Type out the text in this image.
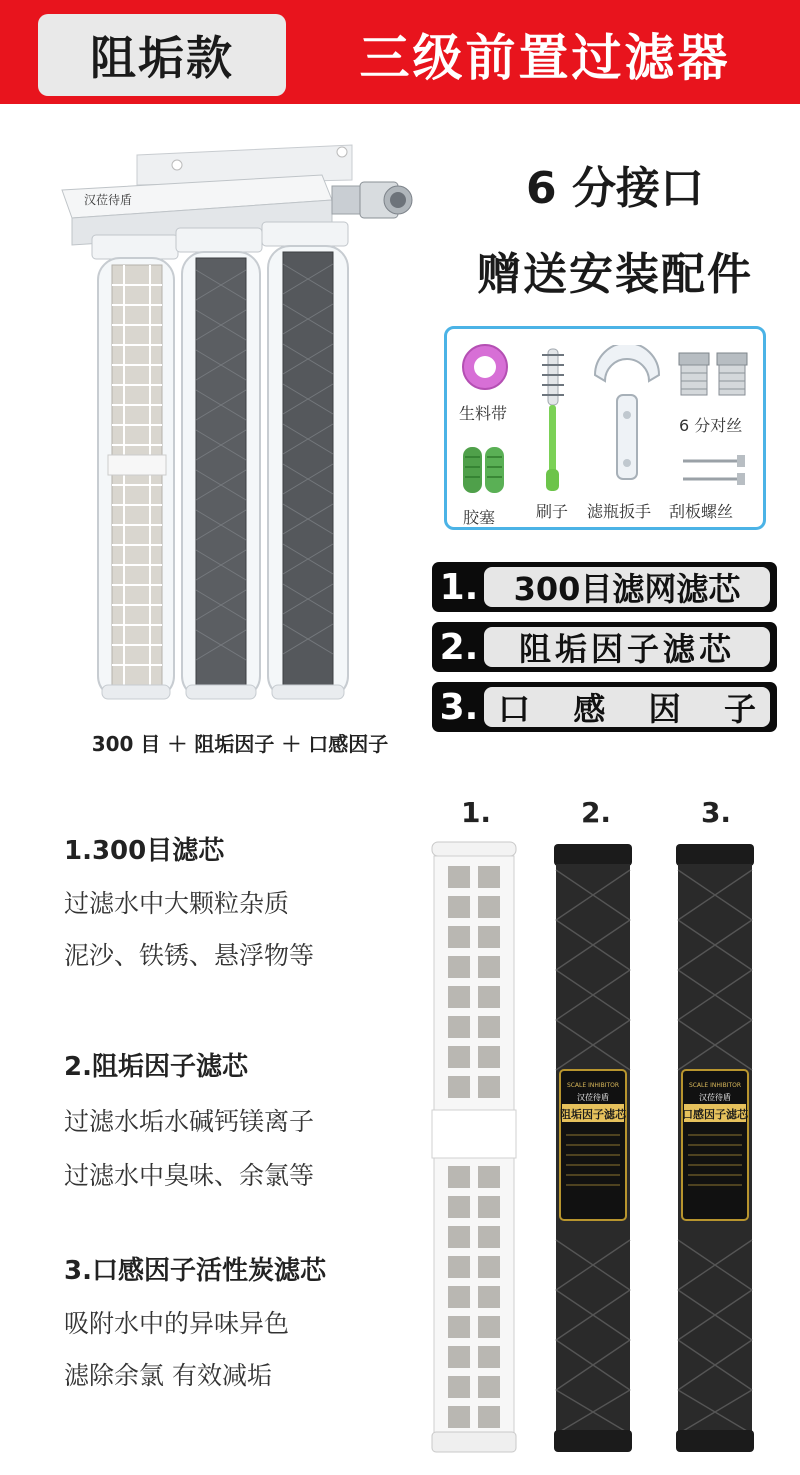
阻垢款	三级前置过滤器
汉莅待盾
300 目 ＋ 阻垢因子 ＋ 口感因子
6 分接口
赠送安装配件
生料带
胶塞	刷子 滤瓶扳手
6 分对丝
刮板螺丝
1.	300目滤网滤芯
2.	阻垢因子滤芯
3. 口 感 因 子
1.300目滤芯
过滤水中大颗粒杂质
泥沙、铁锈、悬浮物等
2.阻垢因子滤芯
过滤水垢水碱钙镁离子
过滤水中臭味、余氯等
3.口感因子活性炭滤芯
吸附水中的异味异色
滤除余氯 有效减垢
1.	2.	3.
SCALE INHIBITOR
汉莅待盾
阻垢因子滤芯
SCALE INHIBITOR
汉莅待盾
口感因子滤芯
